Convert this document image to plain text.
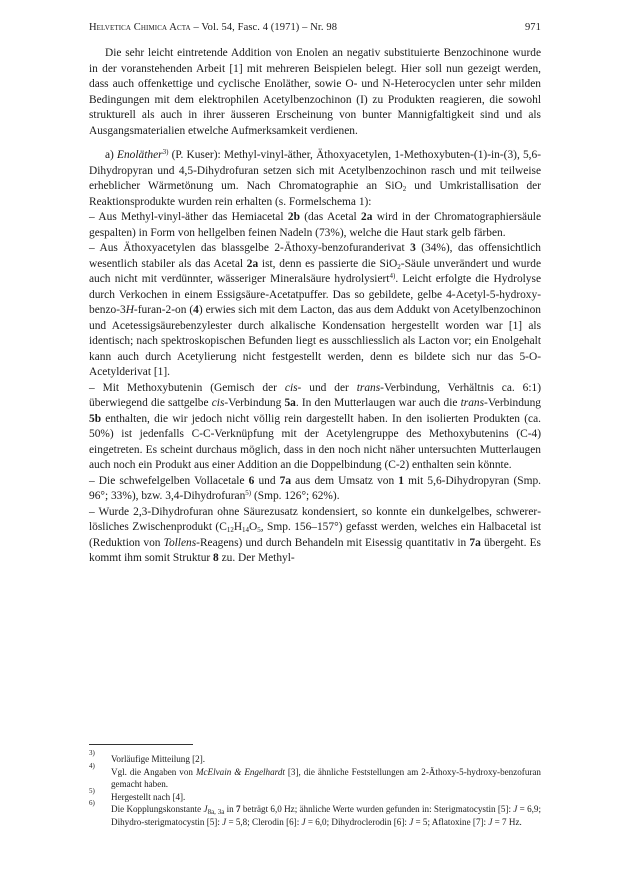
Helvetica Chimica Acta – Vol. 54, Fasc. 4 (1971) – Nr. 98	971

Die sehr leicht eintretende Addition von Enolen an negativ substituierte Benzochinone wurde in der voranstehenden Arbeit [1] mit mehreren Beispielen belegt. Hier soll nun gezeigt werden, dass auch offenkettige und cyclische Enoläther, sowie O- und N-Heterocyclen unter sehr milden Bedingungen mit dem elektrophilen Acetylbenzochinon (I) zu Produkten reagieren, die sowohl strukturell als auch in ihrer äusseren Erscheinung von bunter Mannigfaltigkeit sind und als Ausgangsmaterialien etwelche Aufmerksamkeit verdienen.

a) Enoläther$^{3)}$ (P. Kuser): Methyl-vinyl-äther, Äthoxyacetylen, 1-Methoxybuten-(1)-in-(3), 5,6-Dihydropyran und 4,5-Dihydrofuran setzen sich mit Acetylbenzochinon rasch und mit teilweise erheblicher Wärmetönung um. Nach Chromatographie an SiO$_2$ und Umkristallisation der Reaktionsprodukte wurden rein erhalten (s. Formelschema 1):

– Aus Methyl-vinyl-äther das Hemiacetal 2b (das Acetal 2a wird in der Chromatographiersäule gespalten) in Form von hellgelben feinen Nadeln (73%), welche die Haut stark gelb färben.

– Aus Äthoxyacetylen das blassgelbe 2-Äthoxy-benzofuranderivat 3 (34%), das offensichtlich wesentlich stabiler als das Acetal 2a ist, denn es passierte die SiO$_2$-Säule unverändert und wurde auch nicht mit verdünnter, wässeriger Mineralsäure hydrolysiert$^{4)}$. Leicht erfolgte die Hydrolyse durch Verkochen in einem Essigsäure-Acetatpuffer. Das so gebildete, gelbe 4-Acetyl-5-hydroxy-benzo-3H-furan-2-on (4) erwies sich mit dem Lacton, das aus dem Addukt von Acetylbenzochinon und Acetessigsäurebenzylester durch alkalische Kondensation hergestellt worden war [1] als identisch; nach spektroskopischen Befunden liegt es ausschliesslich als Lacton vor; ein Enolgehalt kann auch durch Acetylierung nicht festgestellt werden, denn es bildete sich nur das 5-O-Acetylderivat [1].

– Mit Methoxybutenin (Gemisch der cis- und der trans-Verbindung, Verhältnis ca. 6:1) überwiegend die sattgelbe cis-Verbindung 5a. In den Mutterlaugen war auch die trans-Verbindung 5b enthalten, die wir jedoch nicht völlig rein dargestellt haben. In den isolierten Produkten (ca. 50%) ist jedenfalls C-C-Verknüpfung mit der Acetylengruppe des Methoxybutenins (C-4) eingetreten. Es scheint durchaus möglich, dass in den noch nicht näher untersuchten Mutterlaugen auch noch ein Produkt aus einer Addition an die Doppelbindung (C-2) enthalten sein könnte.

– Die schwefelgelben Vollacetale 6 und 7a aus dem Umsatz von 1 mit 5,6-Dihydropyran (Smp. 96°; 33%), bzw. 3,4-Dihydrofuran$^{5)}$ (Smp. 126°; 62%).

– Wurde 2,3-Dihydrofuran ohne Säurezusatz kondensiert, so konnte ein dunkelgelbes, schwererlösliches Zwischenprodukt ($C_{12}H_{14}O_5$, Smp. 156–157°) gefasst werden, welches ein Halbacetal ist (Reduktion von Tollens-Reagens) und durch Behandeln mit Eisessig quantitativ in 7a übergeht. Es kommt ihm somit Struktur 8 zu. Der Methyl-

3)
Vorläufige Mitteilung [2].
4)
Vgl. die Angaben von McElvain & Engelhardt [3], die ähnliche Feststellungen am 2-Äthoxy-5-hydroxy-benzofuran gemacht haben.
5)
Hergestellt nach [4].
6)
Die Kopplungskonstante $J_{8a, 3a}$ in 7 beträgt 6,0 Hz; ähnliche Werte wurden gefunden in: Sterigmatocystin [5]: J = 6,9; Dihydro-sterigmatocystin [5]: J = 5,8; Clerodin [6]: J = 6,0; Dihydroclerodin [6]: J = 5; Aflatoxine [7]: J = 7 Hz.
